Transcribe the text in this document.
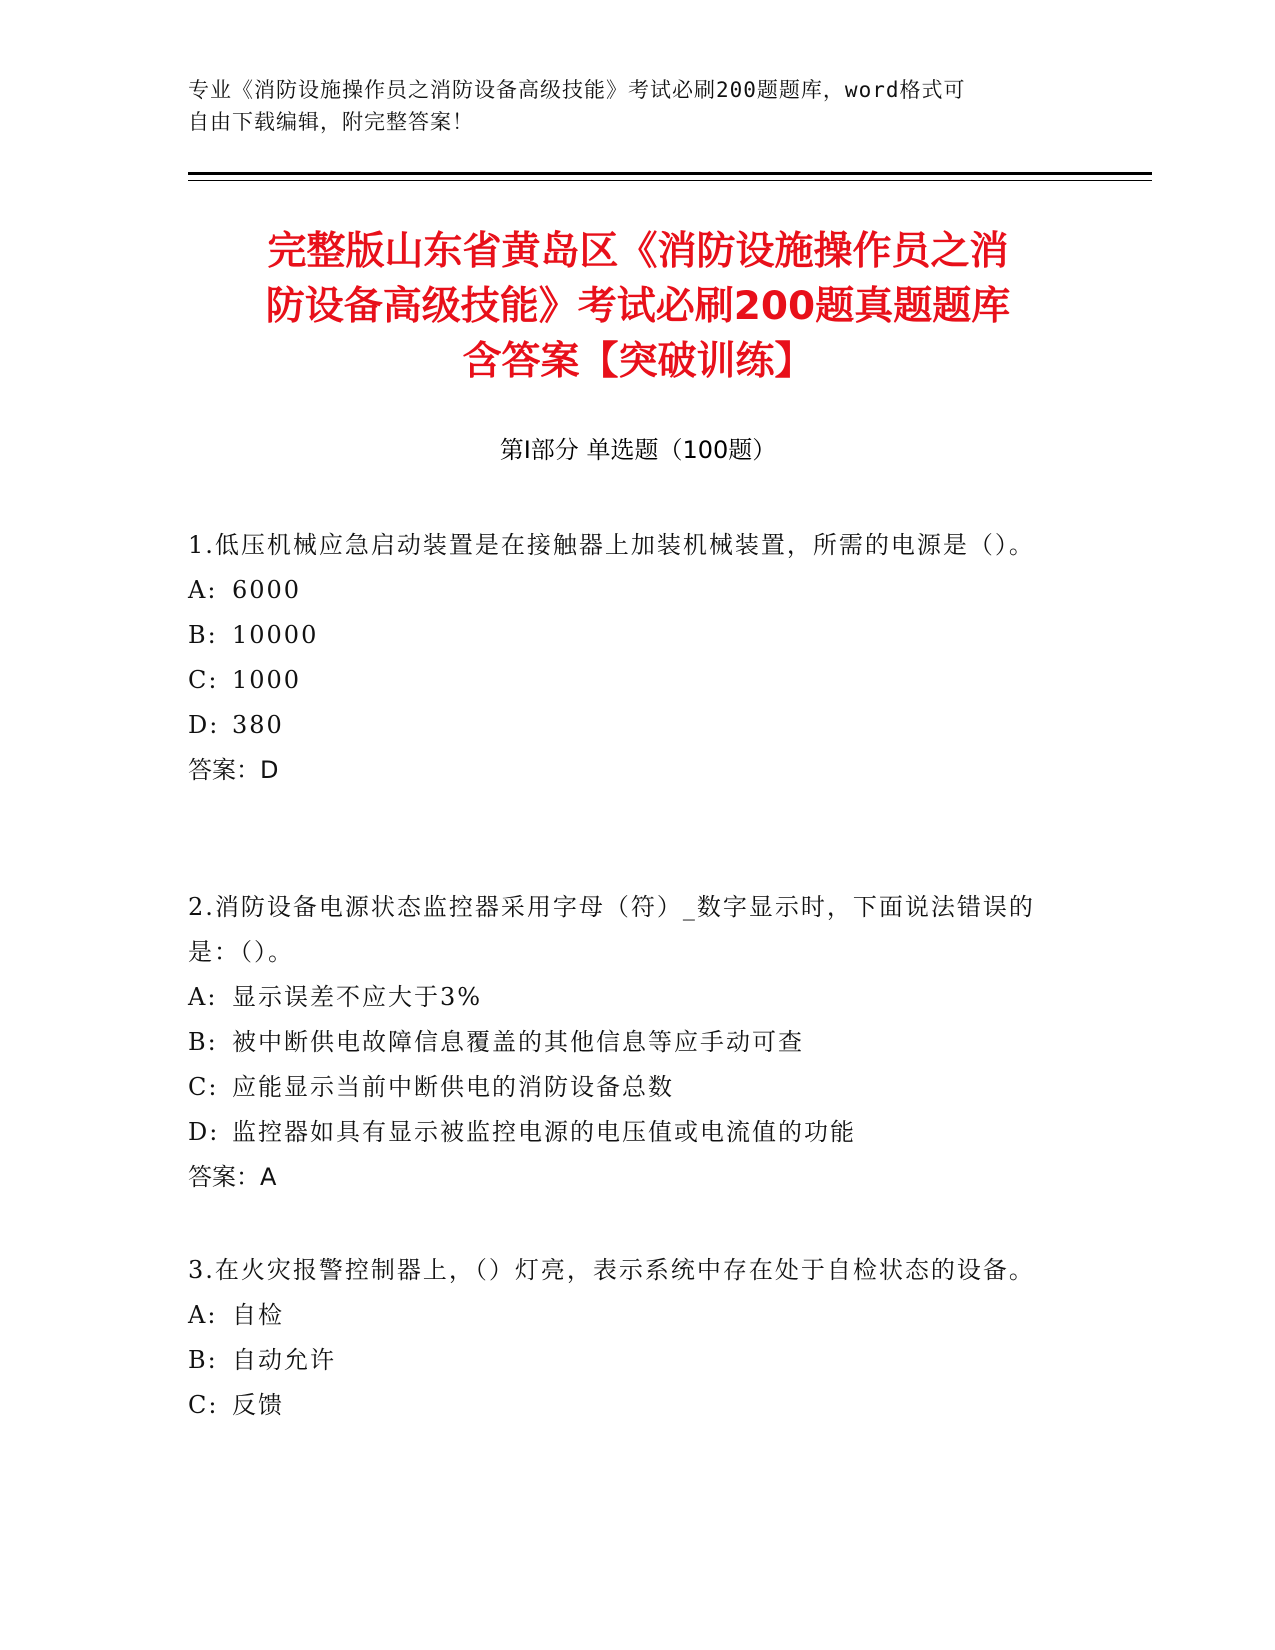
专业《消防设施操作员之消防设备高级技能》考试必刷200题题库，word格式可
自由下载编辑，附完整答案！
完整版山东省黄岛区《消防设施操作员之消
防设备高级技能》考试必刷200题真题题库
含答案【突破训练】
第I部分 单选题（100题）
1.低压机械应急启动装置是在接触器上加装机械装置，所需的电源是（）。
A: 6000
B: 10000
C: 1000
D: 380
答案：D
2.消防设备电源状态监控器采用字母（符）_数字显示时，下面说法错误的是：（）。
A: 显示误差不应大于3%
B: 被中断供电故障信息覆盖的其他信息等应手动可查
C: 应能显示当前中断供电的消防设备总数
D: 监控器如具有显示被监控电源的电压值或电流值的功能
答案：A
3.在火灾报警控制器上，（）灯亮，表示系统中存在处于自检状态的设备。
A: 自检
B: 自动允许
C: 反馈
